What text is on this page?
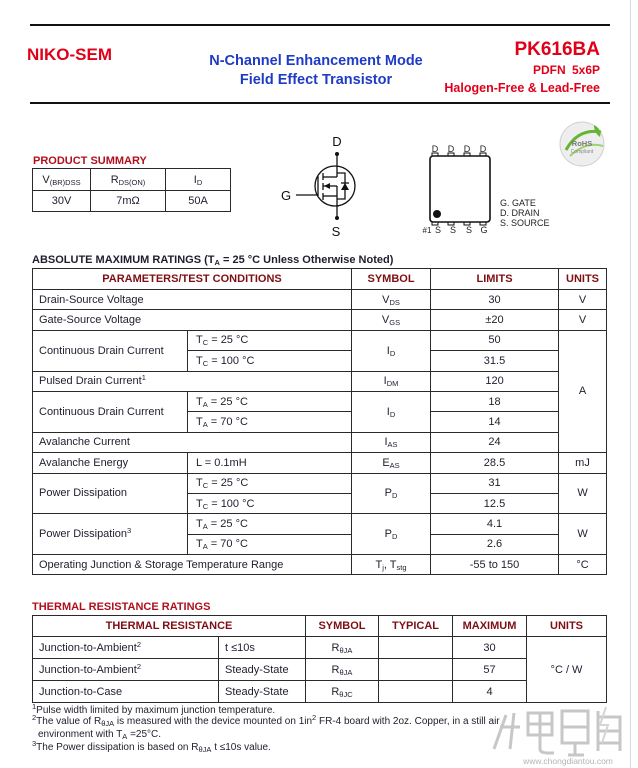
NIKO-SEM	N-Channel Enhancement Mode
Field Effect Transistor
PK616BA
PDFN 5x6P
Halogen-Free & Lead-Free
RoHS
Compliant
PRODUCT SUMMARY
$V_{(BR)DSS}$	$R_{DS(ON)}$	$I_D$
30V	7mΩ	50A
D
G
S
D D D D
#1 S S S G
G. GATE
D. DRAIN
S. SOURCE
ABSOLUTE MAXIMUM RATINGS ($T_A = 25$ °C Unless Otherwise Noted)
PARAMETERS/TEST CONDITIONS		SYMBOL	LIMITS	UNITS
Drain-Source Voltage		$V_{DS}$	30	V
Gate-Source Voltage		$V_{GS}$	±20	V
Continuous Drain Current	$T_C = 25$ °C	$I_D$	50	A
	$T_C = 100$ °C		31.5	
Pulsed Drain Current$^1$		$I_{DM}$	120	
Continuous Drain Current	$T_A = 25$ °C	$I_D$	18	
	$T_A = 70$ °C		14	
Avalanche Current		$I_{AS}$	24	
Avalanche Energy	L = 0.1mH	$E_{AS}$	28.5	mJ
Power Dissipation	$T_C = 25$ °C	$P_D$	31	W
	$T_C = 100$ °C		12.5	
Power Dissipation$^3$	$T_A = 25$ °C	$P_D$	4.1	W
	$T_A = 70$ °C		2.6	
Operating Junction & Storage Temperature Range		$T_j$, $T_{stg}$	-55 to 150	°C
THERMAL RESISTANCE RATINGS
THERMAL RESISTANCE		SYMBOL	TYPICAL	MAXIMUM	UNITS
Junction-to-Ambient$^2$	t ≤10s	$R_{\theta JA}$		30	°C / W
Junction-to-Ambient$^2$	Steady-State	$R_{\theta JA}$		57	
Junction-to-Case	Steady-State	$R_{\theta JC}$		4	
$^1$Pulse width limited by maximum junction temperature.
$^2$The value of $R_{\theta JA}$ is measured with the device mounted on $1in^2$ FR-4 board with 2oz. Copper, in a still air
environment with $T_A =25^\circ C$.
$^3$The Power dissipation is based on $R_{\theta JA}$ t ≤10s value.
www.chongdiantou.com
